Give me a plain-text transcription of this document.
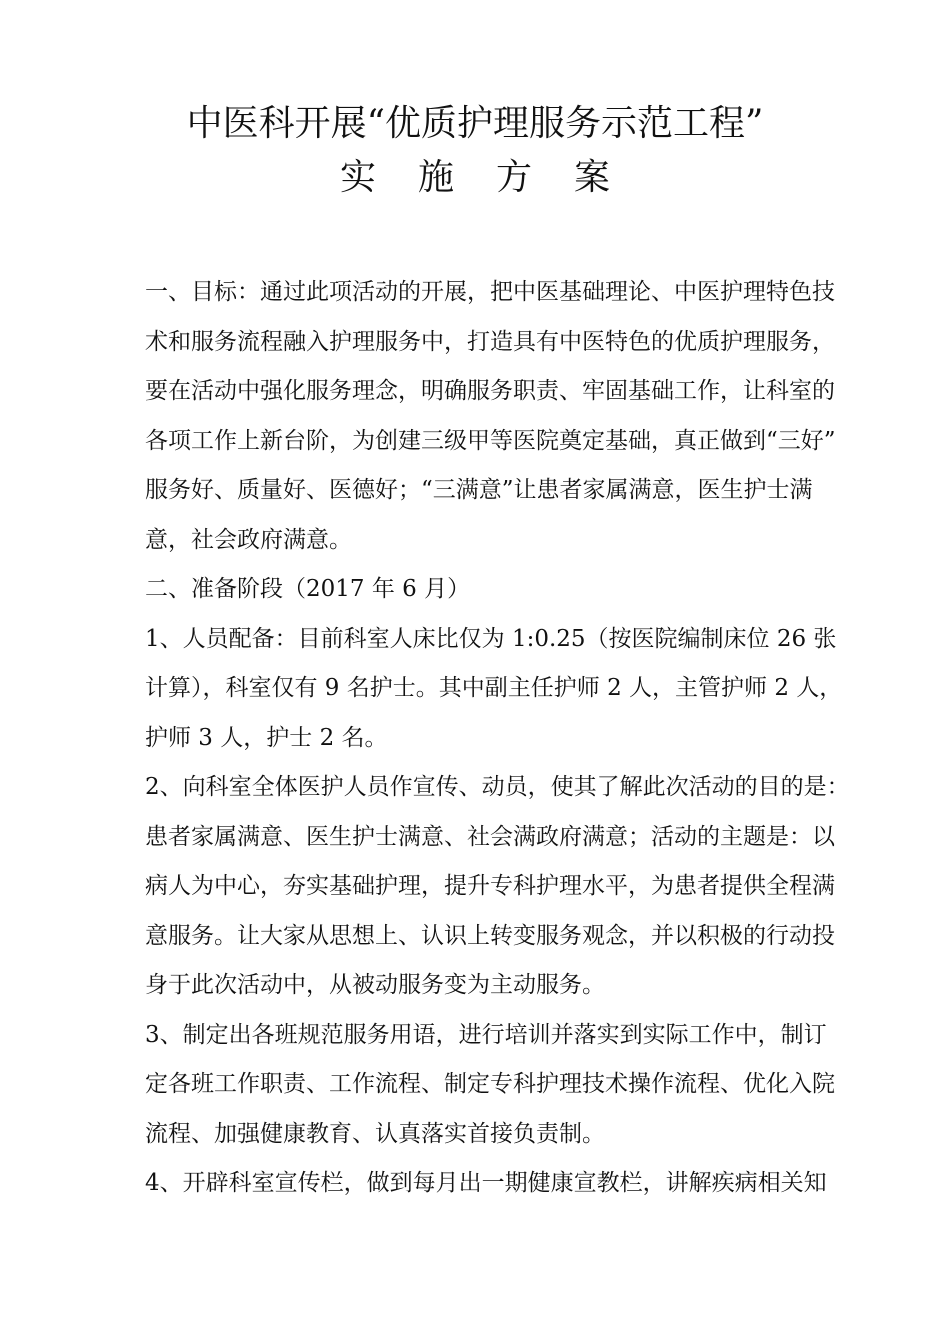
中医科开展“优质护理服务示范工程”
实施方案

一、目标：通过此项活动的开展，把中医基础理论、中医护理特色技
术和服务流程融入护理服务中，打造具有中医特色的优质护理服务，
要在活动中强化服务理念，明确服务职责、牢固基础工作，让科室的
各项工作上新台阶，为创建三级甲等医院奠定基础，真正做到“三好”
服务好、质量好、医德好；“三满意”让患者家属满意，医生护士满
意，社会政府满意。

二、准备阶段（2017 年 6 月）

1、人员配备：目前科室人床比仅为 1:0.25（按医院编制床位 26 张
计算），科室仅有 9 名护士。其中副主任护师 2 人，主管护师 2 人，
护师 3 人，护士 2 名。

2、向科室全体医护人员作宣传、动员，使其了解此次活动的目的是：
患者家属满意、医生护士满意、社会满政府满意；活动的主题是：以
病人为中心，夯实基础护理，提升专科护理水平，为患者提供全程满
意服务。让大家从思想上、认识上转变服务观念，并以积极的行动投
身于此次活动中，从被动服务变为主动服务。

3、制定出各班规范服务用语，进行培训并落实到实际工作中，制订
定各班工作职责、工作流程、制定专科护理技术操作流程、优化入院
流程、加强健康教育、认真落实首接负责制。

4、开辟科室宣传栏，做到每月出一期健康宣教栏，讲解疾病相关知
